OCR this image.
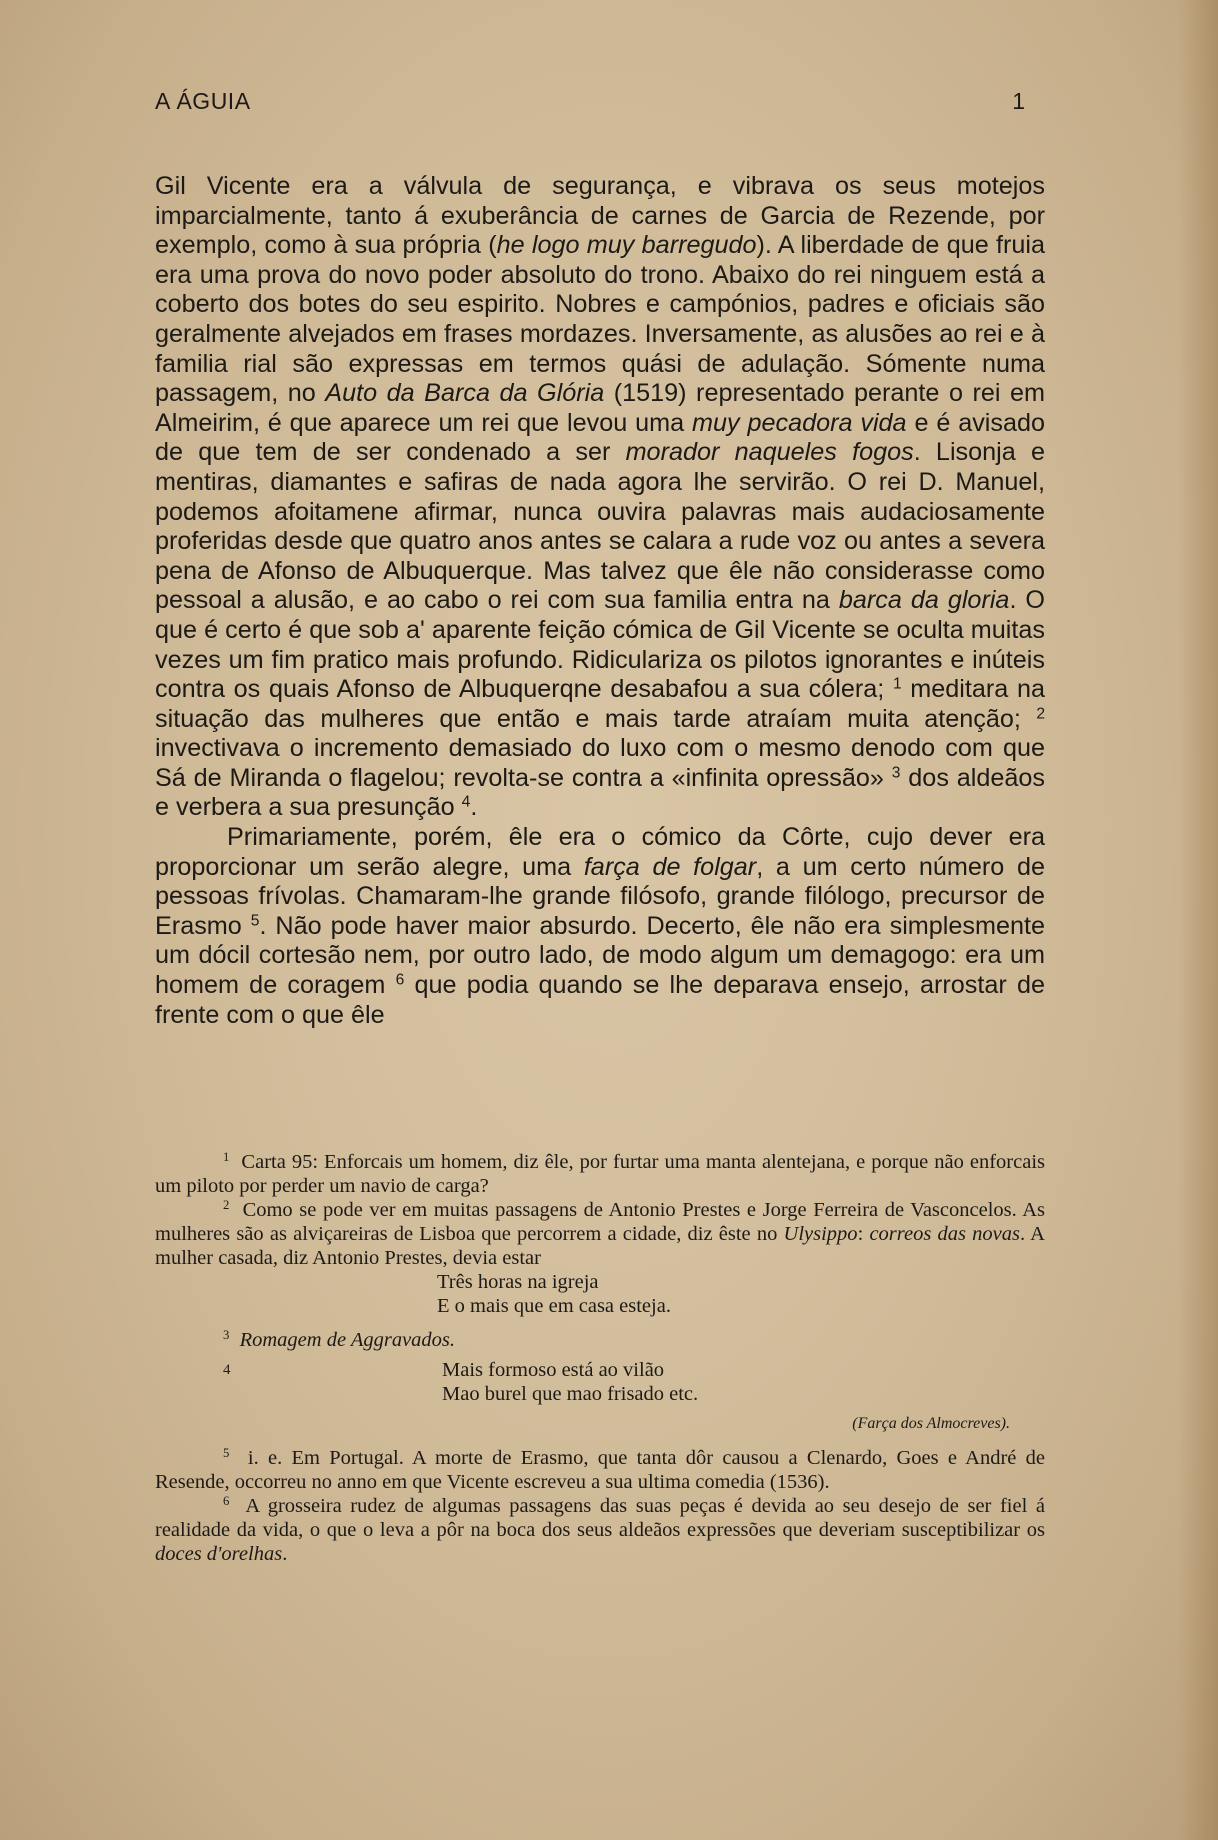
A ÁGUIA	1

Gil Vicente era a válvula de segurança, e vibrava os seus motejos imparcialmente, tanto á exuberância de carnes de Garcia de Rezende, por exemplo, como à sua própria (he logo muy barregudo). A liberdade de que fruia era uma prova do novo poder absoluto do trono. Abaixo do rei ninguem está a coberto dos botes do seu espirito. Nobres e campónios, padres e oficiais são geralmente alvejados em frases mordazes. Inversamente, as alusões ao rei e à familia rial são expressas em termos quási de adulação. Sómente numa passagem, no Auto da Barca da Glória (1519) representado perante o rei em Almeirim, é que aparece um rei que levou uma muy pecadora vida e é avisado de que tem de ser condenado a ser morador naqueles fogos. Lisonja e mentiras, diamantes e safiras de nada agora lhe servirão. O rei D. Manuel, podemos afoitamene afirmar, nunca ouvira palavras mais audaciosamente proferidas desde que quatro anos antes se calara a rude voz ou antes a severa pena de Afonso de Albuquerque. Mas talvez que êle não considerasse como pessoal a alusão, e ao cabo o rei com sua familia entra na barca da gloria. O que é certo é que sob a' aparente feição cómica de Gil Vicente se oculta muitas vezes um fim pratico mais profundo. Ridiculariza os pilotos ignorantes e inúteis contra os quais Afonso de Albuquerqne desabafou a sua cólera; $^1$ meditara na situação das mulheres que então e mais tarde atraíam muita atenção; $^2$ invectivava o incremento demasiado do luxo com o mesmo denodo com que Sá de Miranda o flagelou; revolta-se contra a «infinita opressão» $^3$ dos aldeãos e verbera a sua presunção $^4$.

Primariamente, porém, êle era o cómico da Côrte, cujo dever era proporcionar um serão alegre, uma farça de folgar, a um certo número de pessoas frívolas. Chamaram-lhe grande filósofo, grande filólogo, precursor de Erasmo $^5$. Não pode haver maior absurdo. Decerto, êle não era simplesmente um dócil cortesão nem, por outro lado, de modo algum um demagogo: era um homem de coragem $^6$ que podia quando se lhe deparava ensejo, arrostar de frente com o que êle

$^1$ Carta 95: Enforcais um homem, diz êle, por furtar uma manta alentejana, e porque não enforcais um piloto por perder um navio de carga?

$^2$ Como se pode ver em muitas passagens de Antonio Prestes e Jorge Ferreira de Vasconcelos. As mulheres são as alviçareiras de Lisboa que percorrem a cidade, diz êste no Ulysippo: correos das novas. A mulher casada, diz Antonio Prestes, devia estar

Três horas na igreja

E o mais que em casa esteja.

$^3$ Romagem de Aggravados.

4	Mais formoso está ao vilão

Mao burel que mao frisado etc.

(Farça dos Almocreves).

$^5$ i. e. Em Portugal. A morte de Erasmo, que tanta dôr causou a Clenardo, Goes e André de Resende, occorreu no anno em que Vicente escreveu a sua ultima comedia (1536).

$^6$ A grosseira rudez de algumas passagens das suas peças é devida ao seu desejo de ser fiel á realidade da vida, o que o leva a pôr na boca dos seus aldeãos expressões que deveriam susceptibilizar os doces d'orelhas.
